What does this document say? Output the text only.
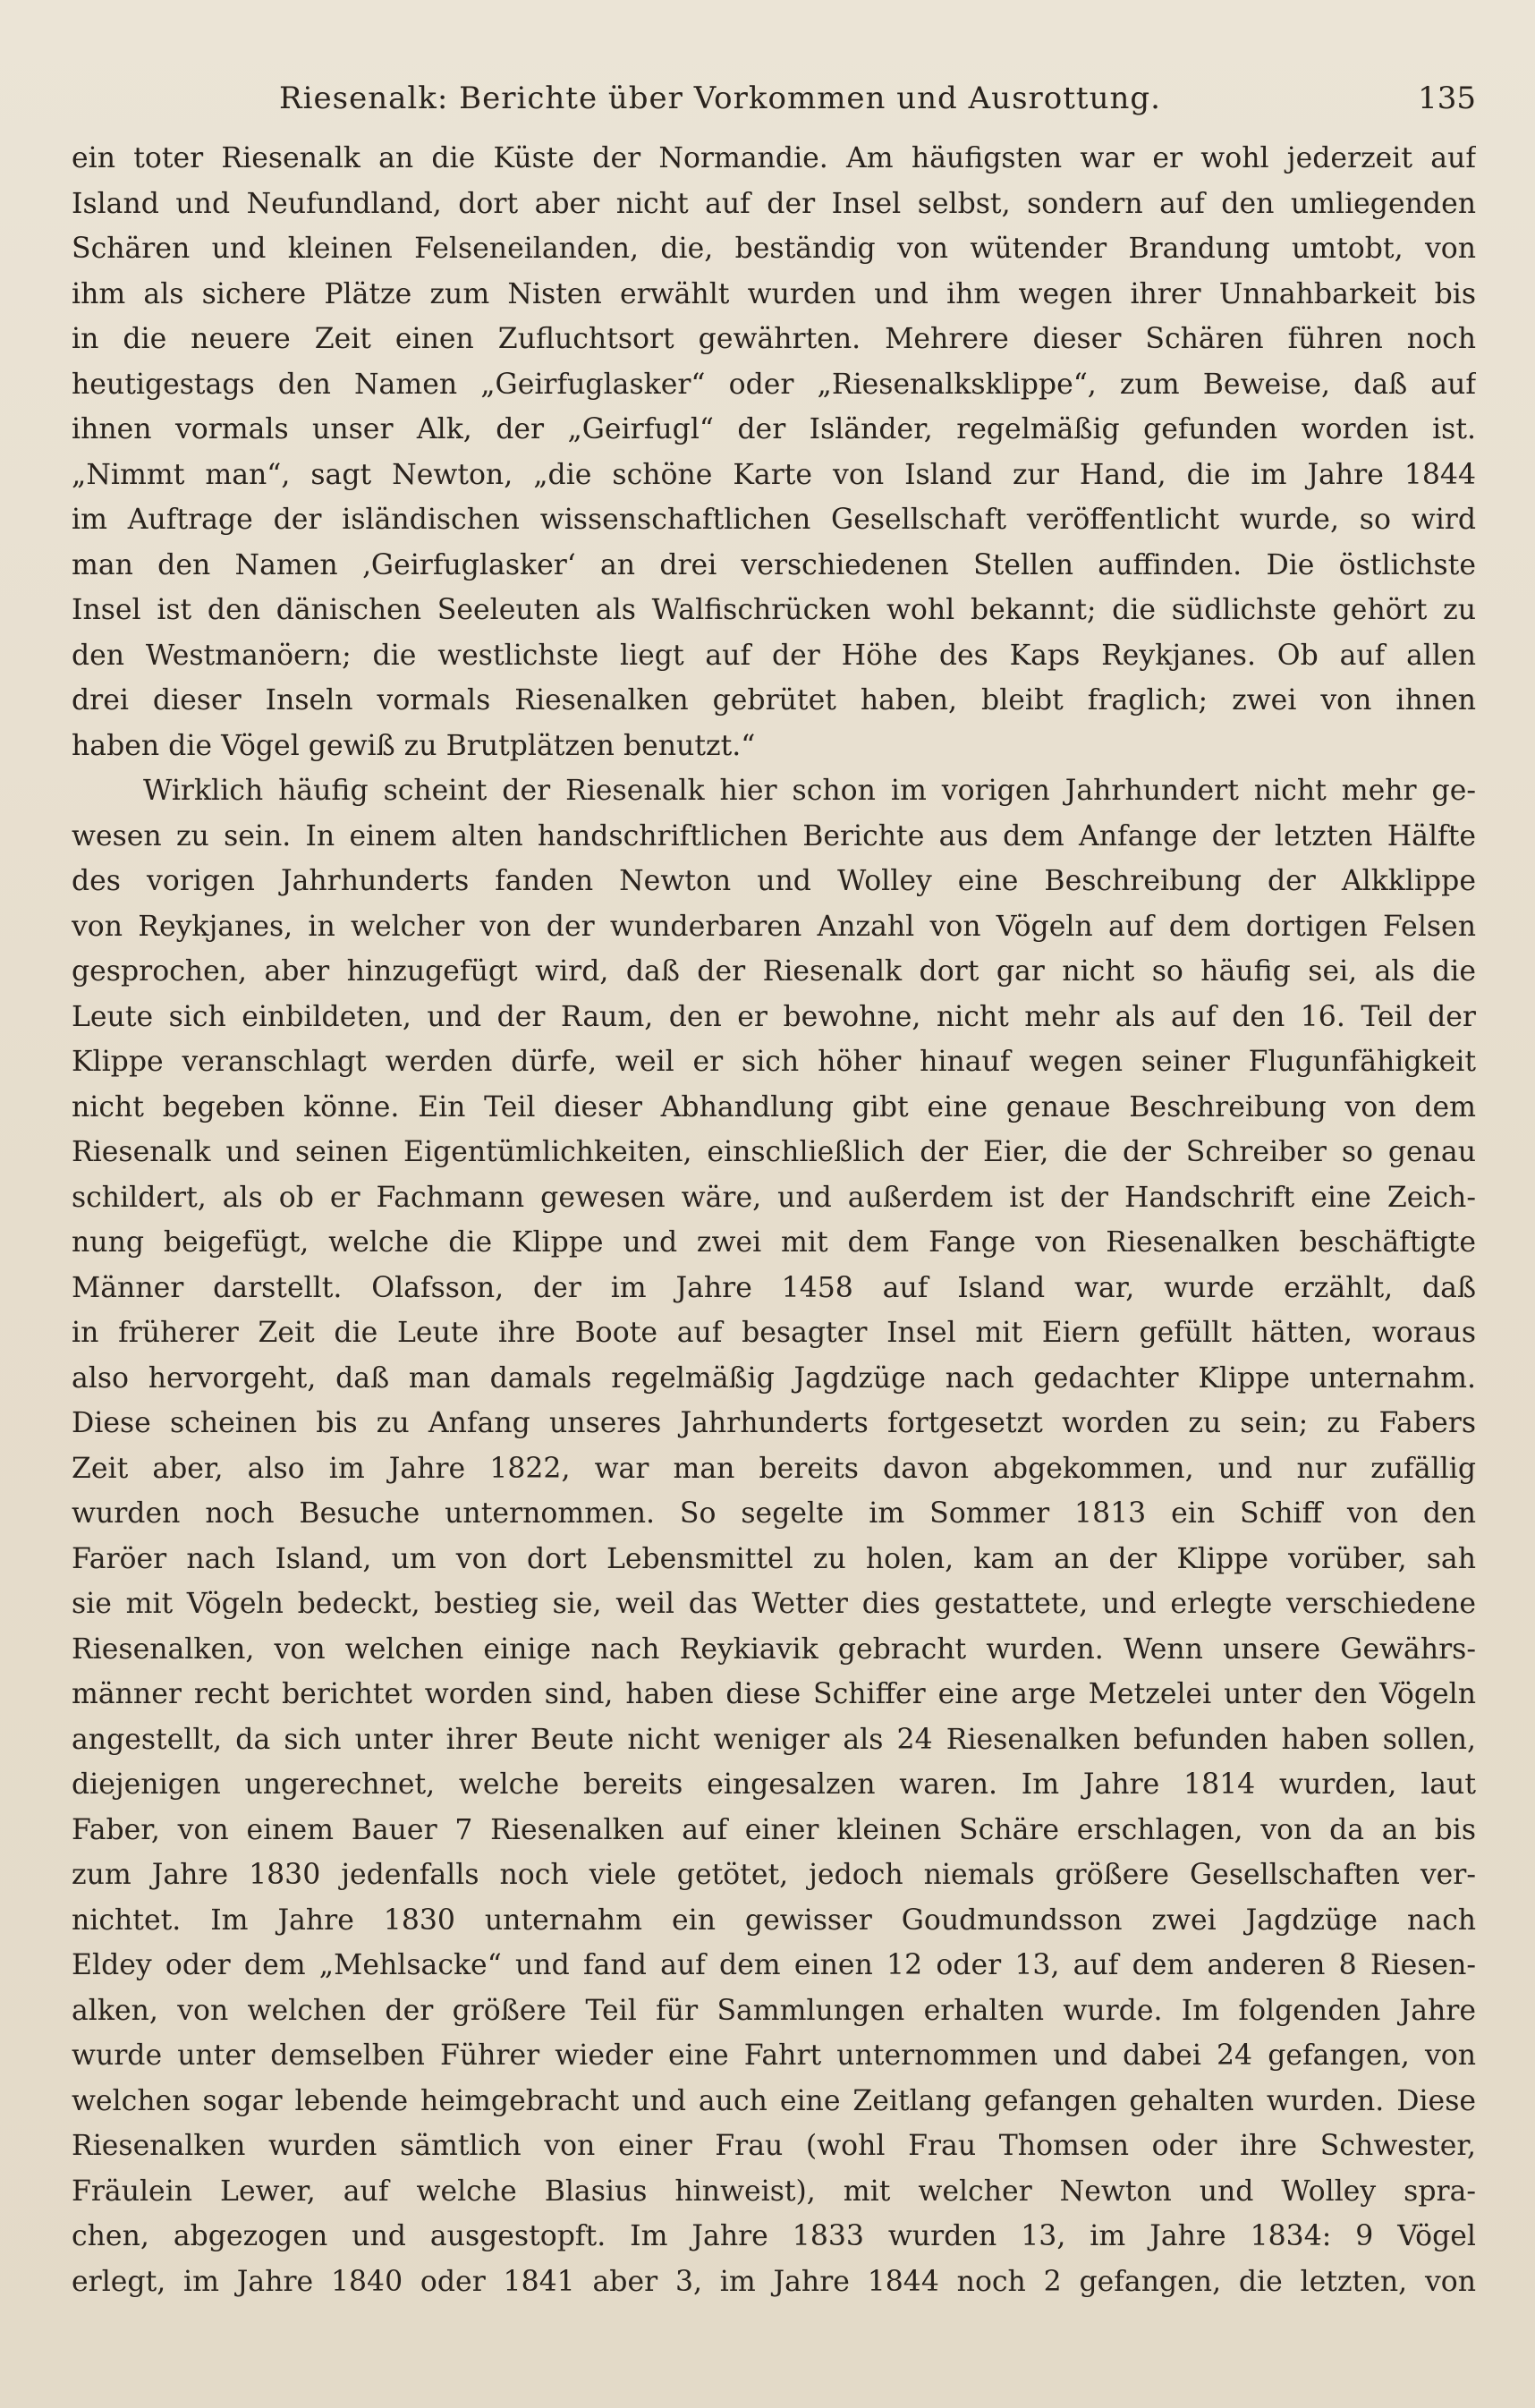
Riesenalk: Berichte über Vorkommen und Ausrottung.	135
ein toter Riesenalk an die Küste der Normandie. Am häufigsten war er wohl jederzeit auf
Island und Neufundland, dort aber nicht auf der Insel selbst, sondern auf den umliegenden
Schären und kleinen Felseneilanden, die, beständig von wütender Brandung umtobt, von
ihm als sichere Plätze zum Nisten erwählt wurden und ihm wegen ihrer Unnahbarkeit bis
in die neuere Zeit einen Zufluchtsort gewährten. Mehrere dieser Schären führen noch
heutigestags den Namen „Geirfuglasker“ oder „Riesenalksklippe“, zum Beweise, daß auf
ihnen vormals unser Alk, der „Geirfugl“ der Isländer, regelmäßig gefunden worden ist.
„Nimmt man“, sagt Newton, „die schöne Karte von Island zur Hand, die im Jahre 1844
im Auftrage der isländischen wissenschaftlichen Gesellschaft veröffentlicht wurde, so wird
man den Namen ‚Geirfuglasker‘ an drei verschiedenen Stellen auffinden. Die östlichste
Insel ist den dänischen Seeleuten als Walfischrücken wohl bekannt; die südlichste gehört zu
den Westmanöern; die westlichste liegt auf der Höhe des Kaps Reykjanes. Ob auf allen
drei dieser Inseln vormals Riesenalken gebrütet haben, bleibt fraglich; zwei von ihnen
haben die Vögel gewiß zu Brutplätzen benutzt.“
Wirklich häufig scheint der Riesenalk hier schon im vorigen Jahrhundert nicht mehr ge-
wesen zu sein. In einem alten handschriftlichen Berichte aus dem Anfange der letzten Hälfte
des vorigen Jahrhunderts fanden Newton und Wolley eine Beschreibung der Alkklippe
von Reykjanes, in welcher von der wunderbaren Anzahl von Vögeln auf dem dortigen Felsen
gesprochen, aber hinzugefügt wird, daß der Riesenalk dort gar nicht so häufig sei, als die
Leute sich einbildeten, und der Raum, den er bewohne, nicht mehr als auf den 16. Teil der
Klippe veranschlagt werden dürfe, weil er sich höher hinauf wegen seiner Flugunfähigkeit
nicht begeben könne. Ein Teil dieser Abhandlung gibt eine genaue Beschreibung von dem
Riesenalk und seinen Eigentümlichkeiten, einschließlich der Eier, die der Schreiber so genau
schildert, als ob er Fachmann gewesen wäre, und außerdem ist der Handschrift eine Zeich-
nung beigefügt, welche die Klippe und zwei mit dem Fange von Riesenalken beschäftigte
Männer darstellt. Olafsson, der im Jahre 1458 auf Island war, wurde erzählt, daß
in früherer Zeit die Leute ihre Boote auf besagter Insel mit Eiern gefüllt hätten, woraus
also hervorgeht, daß man damals regelmäßig Jagdzüge nach gedachter Klippe unternahm.
Diese scheinen bis zu Anfang unseres Jahrhunderts fortgesetzt worden zu sein; zu Fabers
Zeit aber, also im Jahre 1822, war man bereits davon abgekommen, und nur zufällig
wurden noch Besuche unternommen. So segelte im Sommer 1813 ein Schiff von den
Faröer nach Island, um von dort Lebensmittel zu holen, kam an der Klippe vorüber, sah
sie mit Vögeln bedeckt, bestieg sie, weil das Wetter dies gestattete, und erlegte verschiedene
Riesenalken, von welchen einige nach Reykiavik gebracht wurden. Wenn unsere Gewährs-
männer recht berichtet worden sind, haben diese Schiffer eine arge Metzelei unter den Vögeln
angestellt, da sich unter ihrer Beute nicht weniger als 24 Riesenalken befunden haben sollen,
diejenigen ungerechnet, welche bereits eingesalzen waren. Im Jahre 1814 wurden, laut
Faber, von einem Bauer 7 Riesenalken auf einer kleinen Schäre erschlagen, von da an bis
zum Jahre 1830 jedenfalls noch viele getötet, jedoch niemals größere Gesellschaften ver-
nichtet. Im Jahre 1830 unternahm ein gewisser Goudmundsson zwei Jagdzüge nach
Eldey oder dem „Mehlsacke“ und fand auf dem einen 12 oder 13, auf dem anderen 8 Riesen-
alken, von welchen der größere Teil für Sammlungen erhalten wurde. Im folgenden Jahre
wurde unter demselben Führer wieder eine Fahrt unternommen und dabei 24 gefangen, von
welchen sogar lebende heimgebracht und auch eine Zeitlang gefangen gehalten wurden. Diese
Riesenalken wurden sämtlich von einer Frau (wohl Frau Thomsen oder ihre Schwester,
Fräulein Lewer, auf welche Blasius hinweist), mit welcher Newton und Wolley spra-
chen, abgezogen und ausgestopft. Im Jahre 1833 wurden 13, im Jahre 1834: 9 Vögel
erlegt, im Jahre 1840 oder 1841 aber 3, im Jahre 1844 noch 2 gefangen, die letzten, von
